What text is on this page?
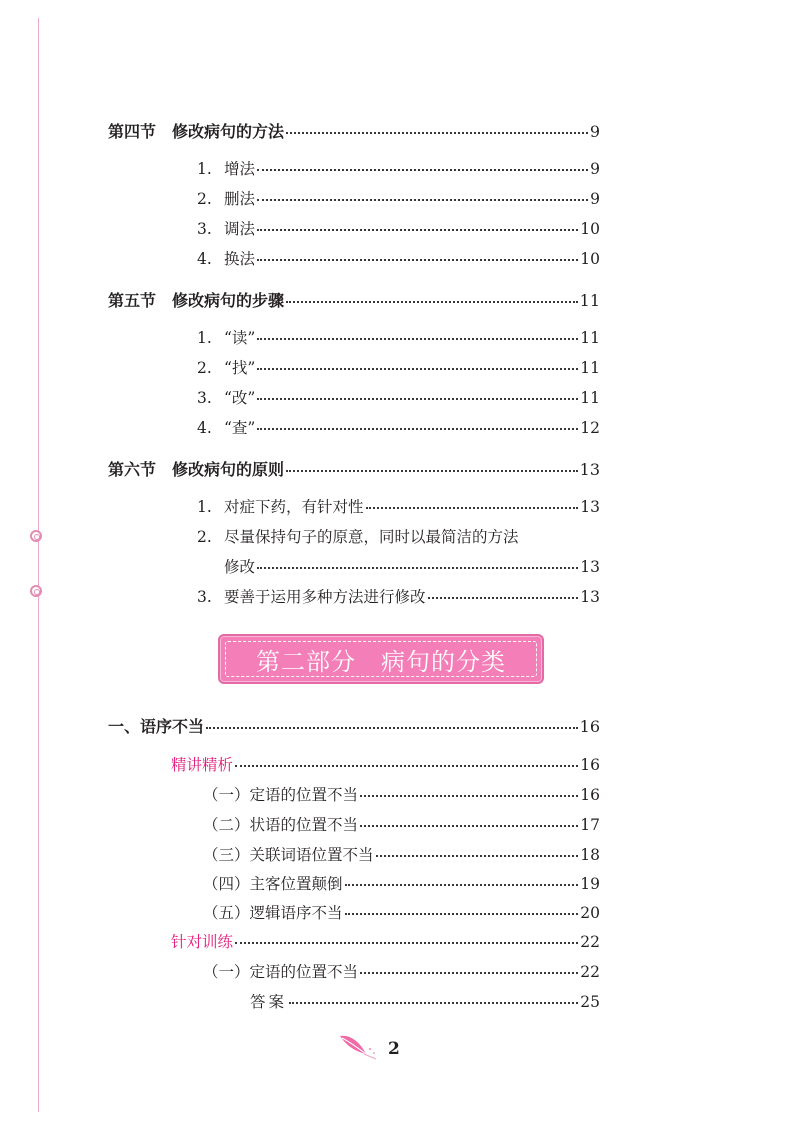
第四节　修改病句的方法	9
1. 增法	9
2. 删法	9
3. 调法	10
4. 换法	10
第五节　修改病句的步骤	11
1. “读”	11
2. “找”	11
3. “改”	11
4. “查”	12
第六节　修改病句的原则	13
1. 对症下药，有针对性	13
2. 尽量保持句子的原意，同时以最简洁的方法
修改	13
3. 要善于运用多种方法进行修改	13
第二部分　病句的分类
一、语序不当	16
精讲精析	16
（一）定语的位置不当	16
（二）状语的位置不当	17
（三）关联词语位置不当	18
（四）主客位置颠倒	19
（五）逻辑语序不当	20
针对训练	22
（一）定语的位置不当	22
答案	25
2
